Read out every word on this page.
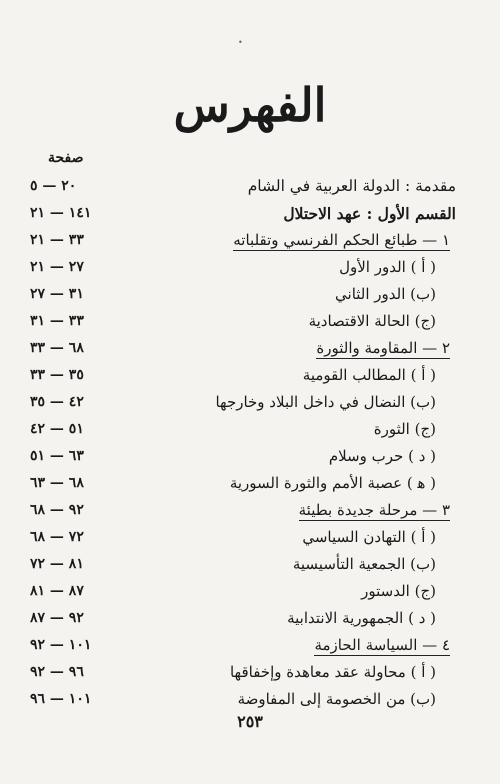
•
الفهرس
صفحة
مقدمة : الدولة العربية في الشام
٢٠ — ٥
القسم الأول : عهد الاحتلال
١٤١ — ٢١
١ — طبائع الحكم الفرنسي وتقلباته
٣٣ — ٢١
( أ ) الدور الأول
٢٧ — ٢١
(ب) الدور الثاني
٣١ — ٢٧
(ج) الحالة الاقتصادية
٣٣ — ٣١
٢ — المقاومة والثورة
٦٨ — ٣٣
( أ ) المطالب القومية
٣٥ — ٣٣
(ب) النضال في داخل البلاد وخارجها
٤٢ — ٣٥
(ج) الثورة
٥١ — ٤٢
( د ) حرب وسلام
٦٣ — ٥١
( ﻫ ) عصبة الأمم والثورة السورية
٦٨ — ٦٣
٣ — مرحلة جديدة بطيئة
٩٢ — ٦٨
( أ ) التهادن السياسي
٧٢ — ٦٨
(ب) الجمعية التأسيسية
٨١ — ٧٢
(ج) الدستور
٨٧ — ٨١
( د ) الجمهورية الانتدابية
٩٢ — ٨٧
٤ — السياسة الحازمة
١٠١ — ٩٢
( أ ) محاولة عقد معاهدة وإخفاقها
٩٦ — ٩٢
(ب) من الخصومة إلى المفاوضة
١٠١ — ٩٦
٢٥٣
